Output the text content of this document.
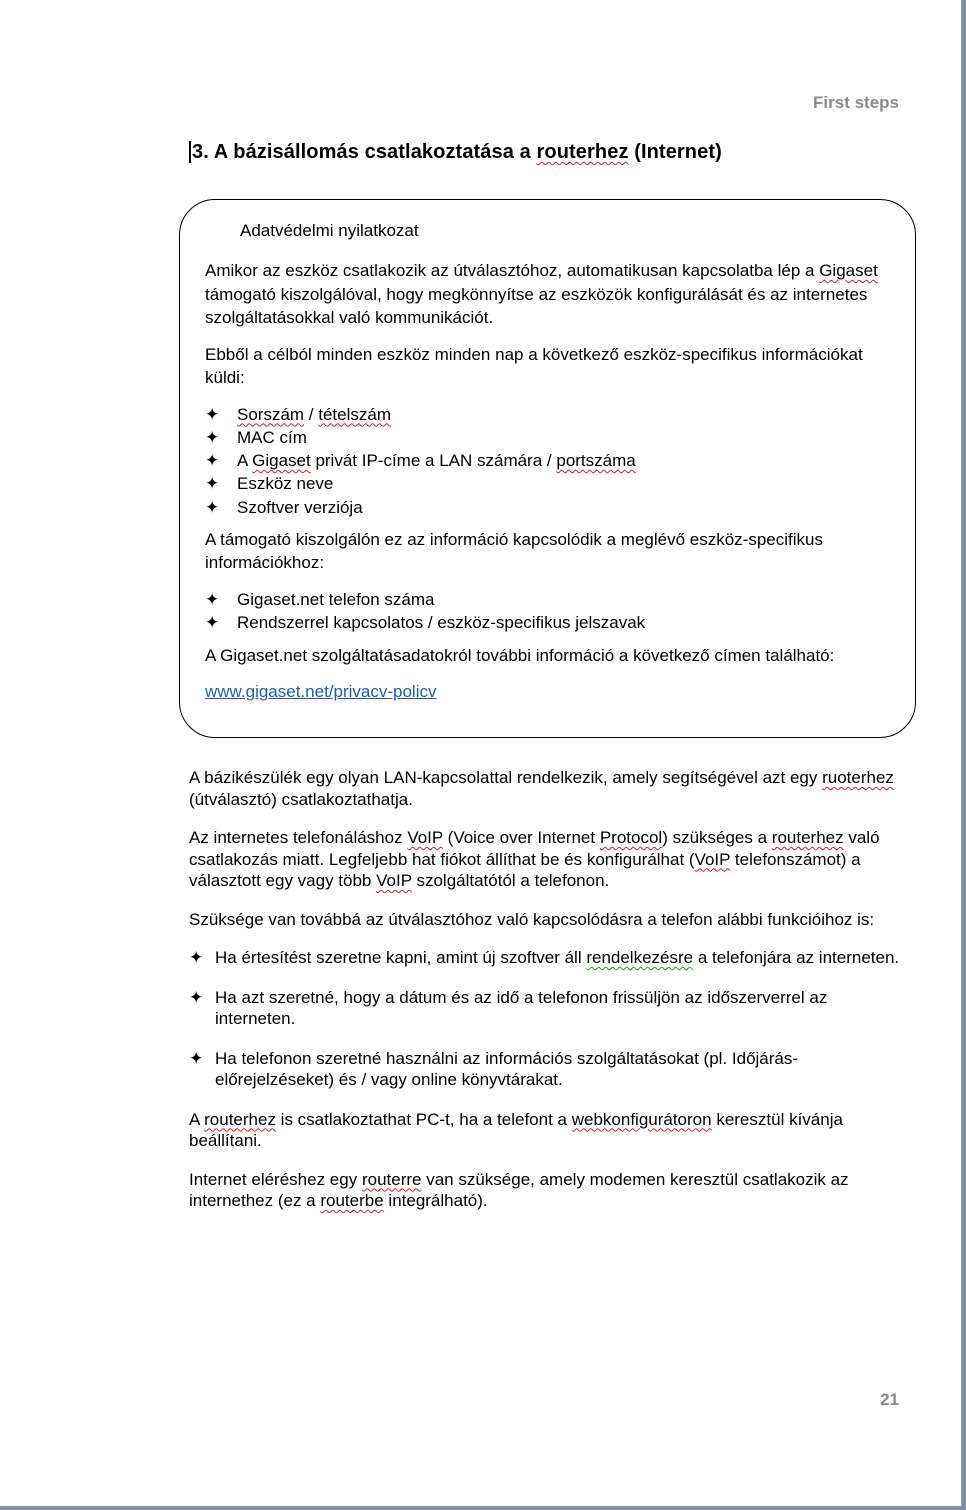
First steps
3. A bázisállomás csatlakoztatása a routerhez (Internet)
Adatvédelmi nyilatkozat

Amikor az eszköz csatlakozik az útválasztóhoz, automatikusan kapcsolatba lép a Gigaset támogató kiszolgálóval, hogy megkönnyítse az eszközök konfigurálását és az internetes szolgáltatásokkal való kommunikációt.

Ebből a célból minden eszköz minden nap a következő eszköz-specifikus információkat küldi:

✦ Sorszám / tételszám
✦ MAC cím
✦ A Gigaset privát IP-címe a LAN számára / portszáma
✦ Eszköz neve
✦ Szoftver verziója

A támogató kiszolgálón ez az információ kapcsolódik a meglévő eszköz-specifikus információkhoz:

✦ Gigaset.net telefon száma
✦ Rendszerrel kapcsolatos / eszköz-specifikus jelszavak

A Gigaset.net szolgáltatásadatokról további információ a következő címen található:

www.gigaset.net/privacv-policv

A bázikészülék egy olyan LAN-kapcsolattal rendelkezik, amely segítségével azt egy ruoterhez (útválasztó) csatlakoztathatja.

Az internetes telefonáláshoz VoIP (Voice over Internet Protocol) szükséges a routerhez való csatlakozás miatt. Legfeljebb hat fiókot állíthat be és konfigurálhat (VoIP telefonszámot) a választott egy vagy több VoIP szolgáltatótól a telefonon.

Szüksége van továbbá az útválasztóhoz való kapcsolódásra a telefon alábbi funkcióihoz is:

✦ Ha értesítést szeretne kapni, amint új szoftver áll rendelkezésre a telefonjára az interneten.
✦ Ha azt szeretné, hogy a dátum és az idő a telefonon frissüljön az időszerverrel az interneten.
✦ Ha telefonon szeretné használni az információs szolgáltatásokat (pl. Időjárás-előrejelzéseket) és / vagy online könyvtárakat.

A routerhez is csatlakoztathat PC-t, ha a telefont a webkonfigurátoron keresztül kívánja beállítani.

Internet eléréshez egy routerre van szüksége, amely modemen keresztül csatlakozik az internethez (ez a routerbe integrálható).

21
